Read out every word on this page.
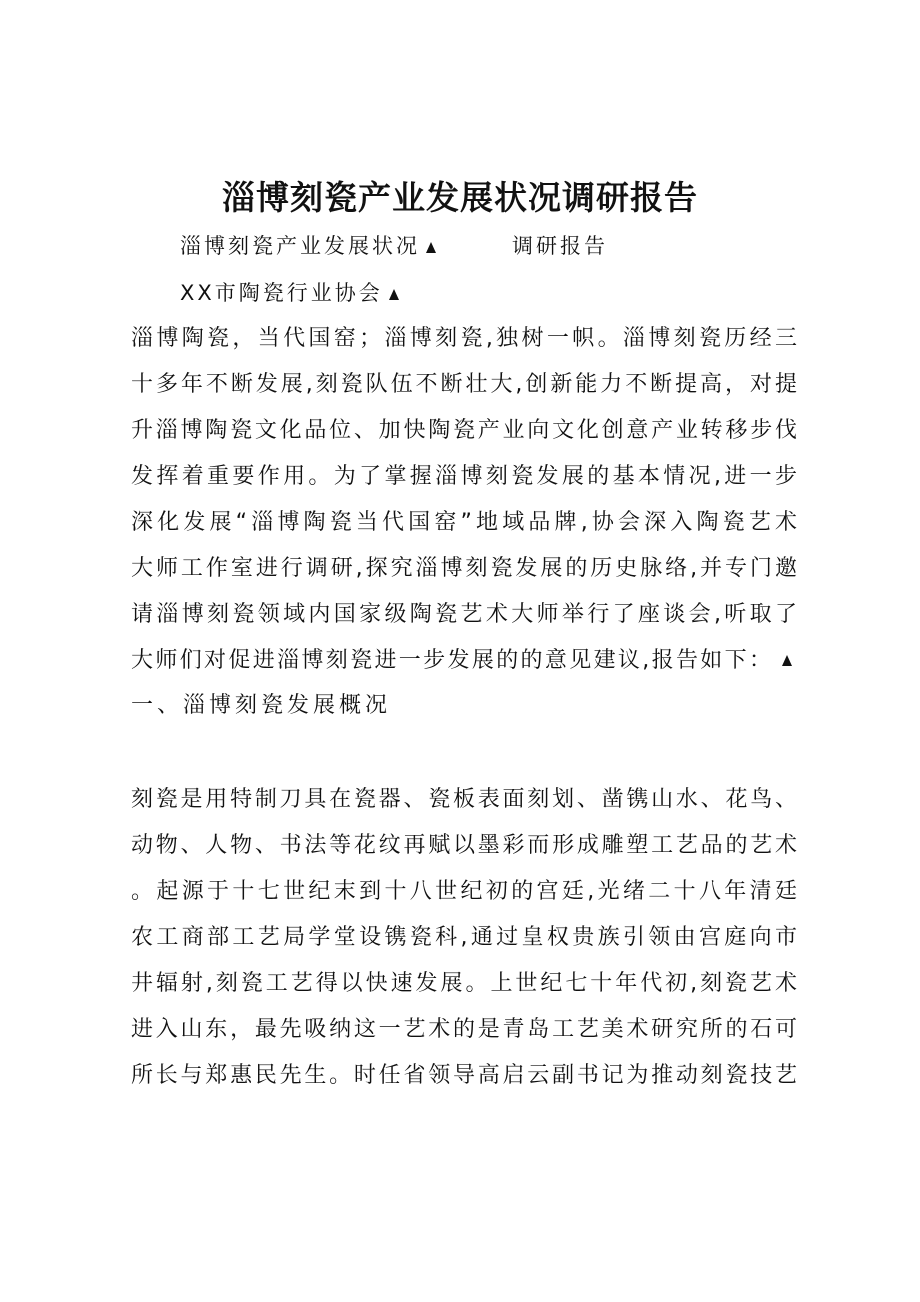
淄博刻瓷产业发展状况调研报告
淄博刻瓷产业发展状况	调研报告
XX市陶瓷行业协会
淄博陶瓷，当代国窑；淄博刻瓷,独树一帜。淄博刻瓷历经三
十多年不断发展,刻瓷队伍不断壮大,创新能力不断提高，对提
升淄博陶瓷文化品位、加快陶瓷产业向文化创意产业转移步伐
发挥着重要作用。为了掌握淄博刻瓷发展的基本情况,进一步
深化发展“淄博陶瓷当代国窑”地域品牌,协会深入陶瓷艺术
大师工作室进行调研,探究淄博刻瓷发展的历史脉络,并专门邀
请淄博刻瓷领域内国家级陶瓷艺术大师举行了座谈会,听取了
大师们对促进淄博刻瓷进一步发展的的意见建议,报告如下：
一、淄博刻瓷发展概况
刻瓷是用特制刀具在瓷器、瓷板表面刻划、凿镌山水、花鸟、
动物、人物、书法等花纹再赋以墨彩而形成雕塑工艺品的艺术
。起源于十七世纪末到十八世纪初的宫廷,光绪二十八年清廷
农工商部工艺局学堂设镌瓷科,通过皇权贵族引领由宫庭向市
井辐射,刻瓷工艺得以快速发展。上世纪七十年代初,刻瓷艺术
进入山东，最先吸纳这一艺术的是青岛工艺美术研究所的石可
所长与郑惠民先生。时任省领导高启云副书记为推动刻瓷技艺
